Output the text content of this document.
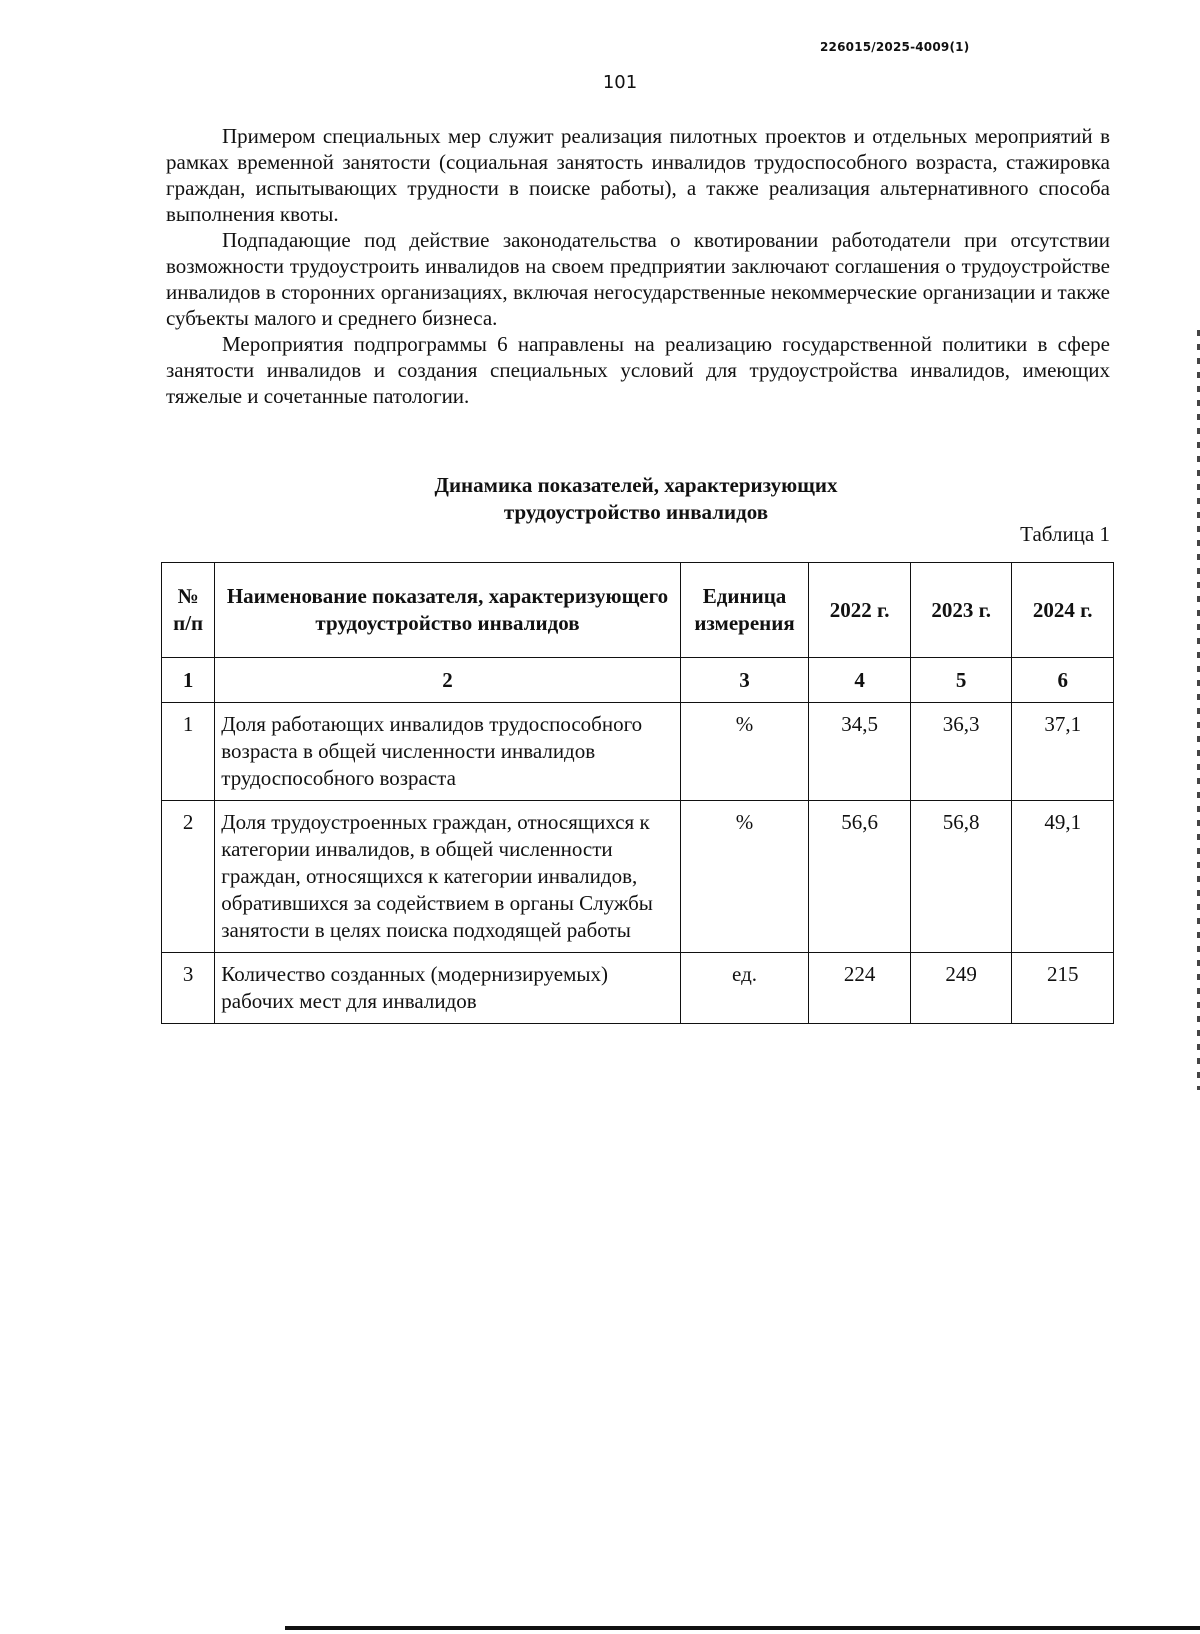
226015/2025-4009(1)
101

Примером специальных мер служит реализация пилотных проектов и отдельных мероприятий в рамках временной занятости (социальная занятость инвалидов трудоспособного возраста, стажировка граждан, испытывающих трудности в поиске работы), а также реализация альтернативного способа выполнения квоты.

Подпадающие под действие законодательства о квотировании работодатели при отсутствии возможности трудоустроить инвалидов на своем предприятии заключают соглашения о трудоустройстве инвалидов в сторонних организациях, включая негосударственные некоммерческие организации и также субъекты малого и среднего бизнеса.

Мероприятия подпрограммы 6 направлены на реализацию государственной политики в сфере занятости инвалидов и создания специальных условий для трудоустройства инвалидов, имеющих тяжелые и сочетанные патологии.

Динамика показателей, характеризующих
трудоустройство инвалидов
Таблица 1
№ п/п	Наименование показателя, характеризующего трудоустройство инвалидов	Единица измерения	2022 г.	2023 г.	2024 г.
1	2	3	4	5	6
1	Доля работающих инвалидов трудоспособного возраста в общей численности инвалидов трудоспособного возраста	%	34,5	36,3	37,1
2	Доля трудоустроенных граждан, относящихся к категории инвалидов, в общей численности граждан, относящихся к категории инвалидов, обратившихся за содействием в органы Службы занятости в целях поиска подходящей работы	%	56,6	56,8	49,1
3	Количество созданных (модернизируемых) рабочих мест для инвалидов	ед.	224	249	215
